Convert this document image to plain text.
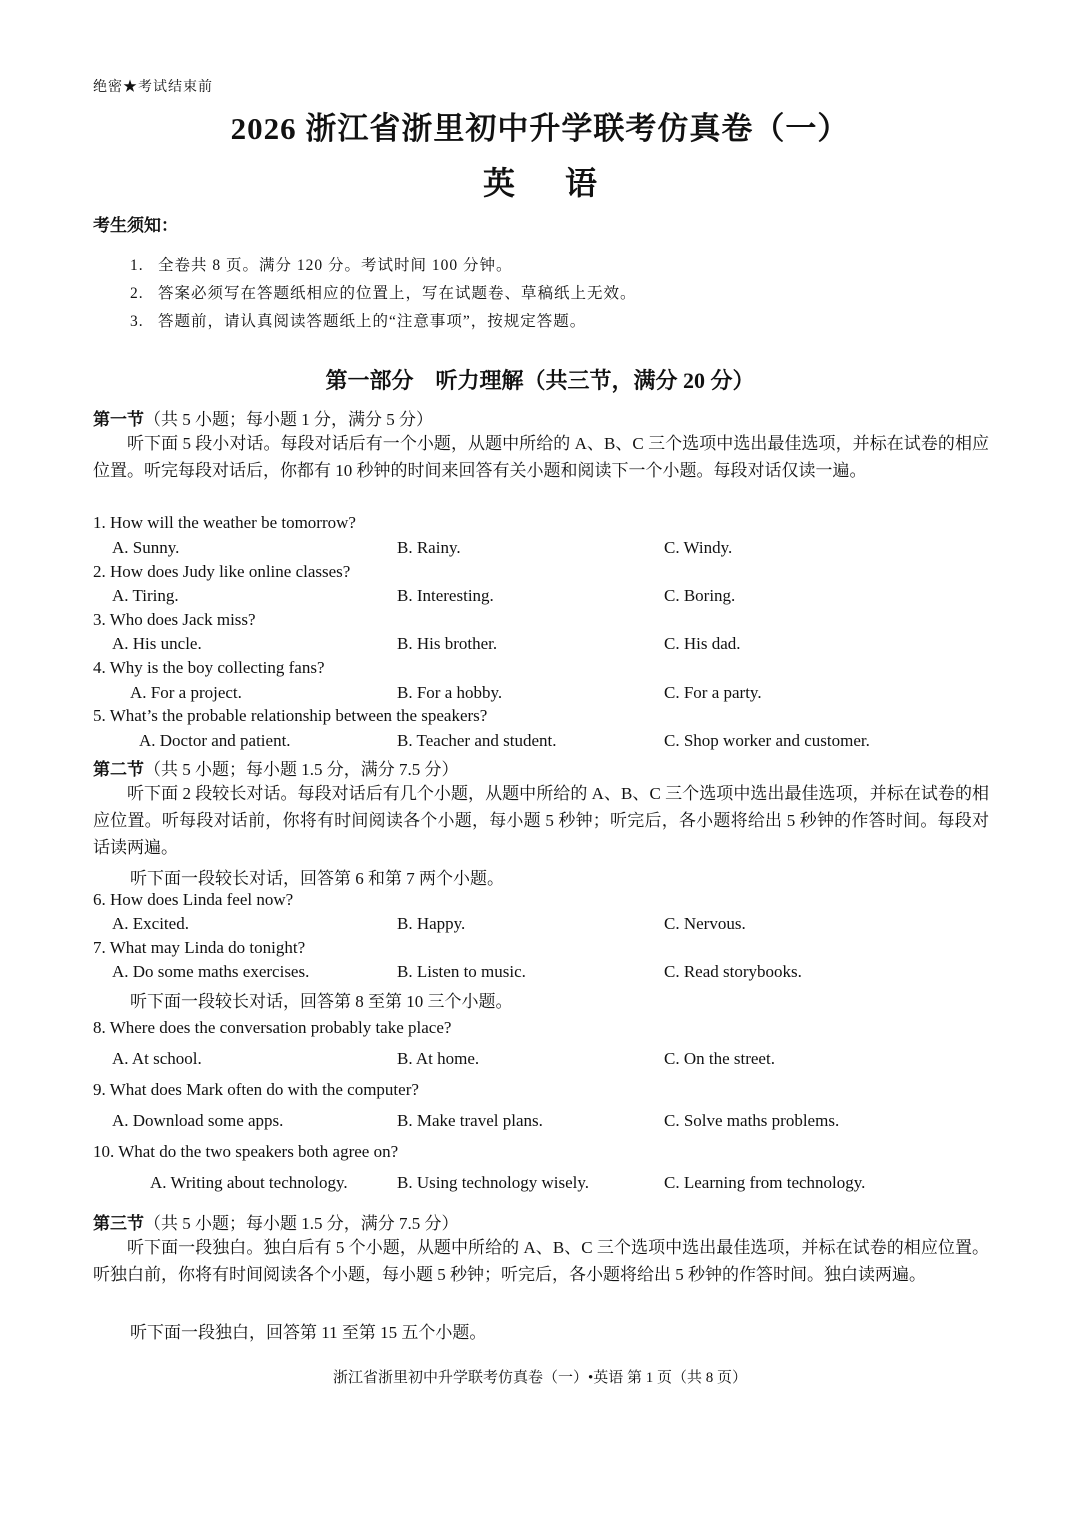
绝密★考试结束前
2026 浙江省浙里初中升学联考仿真卷（一）
英语
考生须知：
1. 全卷共 8 页。满分 120 分。考试时间 100 分钟。
2. 答案必须写在答题纸相应的位置上，写在试题卷、草稿纸上无效。
3. 答题前，请认真阅读答题纸上的“注意事项”，按规定答题。
第一部分　听力理解（共三节，满分 20 分）
第一节（共 5 小题；每小题 1 分，满分 5 分）
听下面 5 段小对话。每段对话后有一个小题，从题中所给的 A、B、C 三个选项中选出最佳选项，并标在试卷的相应位置。听完每段对话后，你都有 10 秒钟的时间来回答有关小题和阅读下一个小题。每段对话仅读一遍。
1. How will the weather be tomorrow?
A. Sunny.	B. Rainy.	C. Windy.
2. How does Judy like online classes?
A. Tiring.	B. Interesting.	C. Boring.
3. Who does Jack miss?
A. His uncle.	B. His brother.	C. His dad.
4. Why is the boy collecting fans?
A. For a project.	B. For a hobby.	C. For a party.
5. What’s the probable relationship between the speakers?
A. Doctor and patient.	B. Teacher and student.	C. Shop worker and customer.
第二节（共 5 小题；每小题 1.5 分，满分 7.5 分）
听下面 2 段较长对话。每段对话后有几个小题，从题中所给的 A、B、C 三个选项中选出最佳选项，并标在试卷的相应位置。听每段对话前，你将有时间阅读各个小题，每小题 5 秒钟；听完后，各小题将给出 5 秒钟的作答时间。每段对话读两遍。
听下面一段较长对话，回答第 6 和第 7 两个小题。
6. How does Linda feel now?
A. Excited.	B. Happy.	C. Nervous.
7. What may Linda do tonight?
A. Do some maths exercises.	B. Listen to music.	C. Read storybooks.
听下面一段较长对话，回答第 8 至第 10 三个小题。
8. Where does the conversation probably take place?
A. At school.	B. At home.	C. On the street.
9. What does Mark often do with the computer?
A. Download some apps.	B. Make travel plans.	C. Solve maths problems.
10. What do the two speakers both agree on?
A. Writing about technology.	B. Using technology wisely.	C. Learning from technology.
第三节（共 5 小题；每小题 1.5 分，满分 7.5 分）
听下面一段独白。独白后有 5 个小题，从题中所给的 A、B、C 三个选项中选出最佳选项，并标在试卷的相应位置。听独白前，你将有时间阅读各个小题，每小题 5 秒钟；听完后，各小题将给出 5 秒钟的作答时间。独白读两遍。
听下面一段独白，回答第 11 至第 15 五个小题。
浙江省浙里初中升学联考仿真卷（一）•英语 第 1 页（共 8 页）
